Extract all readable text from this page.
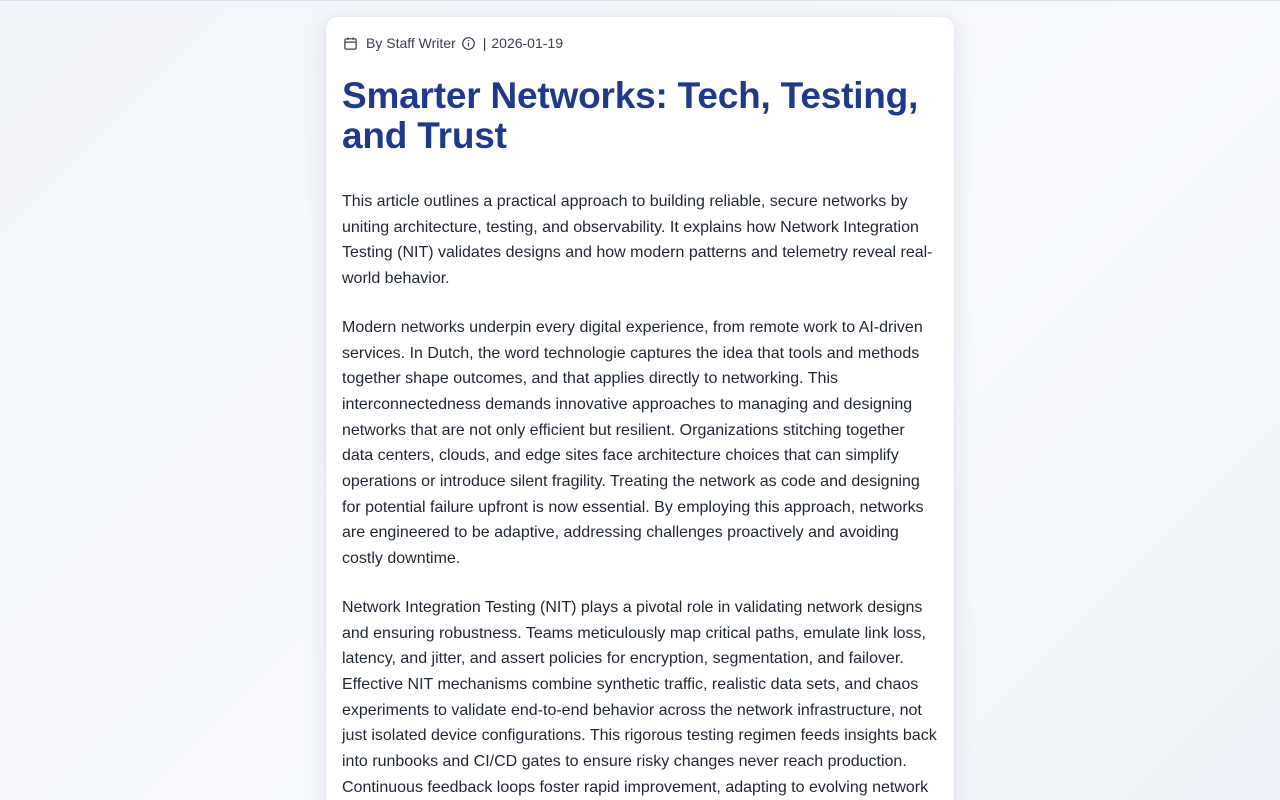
By Staff Writer | 2026-01-19
Smarter Networks: Tech, Testing, and Trust

This article outlines a practical approach to building reliable, secure networks by uniting architecture, testing, and observability. It explains how Network Integration Testing (NIT) validates designs and how modern patterns and telemetry reveal real-world behavior.

Modern networks underpin every digital experience, from remote work to AI-driven services. In Dutch, the word technologie captures the idea that tools and methods together shape outcomes, and that applies directly to networking. This interconnectedness demands innovative approaches to managing and designing networks that are not only efficient but resilient. Organizations stitching together data centers, clouds, and edge sites face architecture choices that can simplify operations or introduce silent fragility. Treating the network as code and designing for potential failure upfront is now essential. By employing this approach, networks are engineered to be adaptive, addressing challenges proactively and avoiding costly downtime.

Network Integration Testing (NIT) plays a pivotal role in validating network designs and ensuring robustness. Teams meticulously map critical paths, emulate link loss, latency, and jitter, and assert policies for encryption, segmentation, and failover. Effective NIT mechanisms combine synthetic traffic, realistic data sets, and chaos experiments to validate end-to-end behavior across the network infrastructure, not just isolated device configurations. This rigorous testing regimen feeds insights back into runbooks and CI/CD gates to ensure risky changes never reach production. Continuous feedback loops foster rapid improvement, adapting to evolving network
